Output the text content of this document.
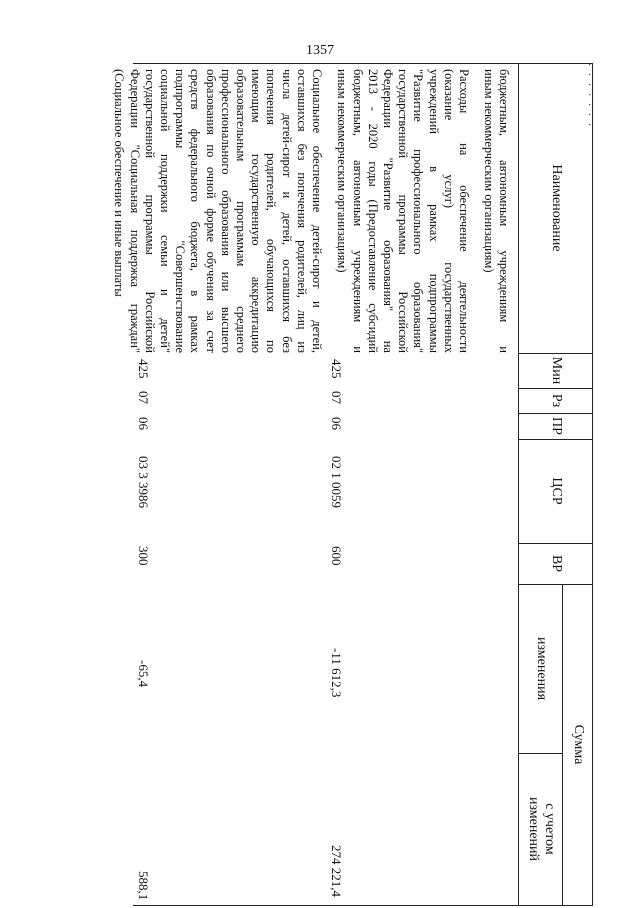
1357
Наименование
Мин
Рз
ПР
ЦСР
ВР
Сумма
изменения
с учетом изменений
. . . . . . .
бюджетным, автономным учреждениям и
иным некоммерческим организациям)
Расходы на обеспечение деятельности
(оказание услуг) государственных
учреждений в рамках подпрограммы
"Развитие профессионального образования"
государственной программы Российской
Федерации "Развитие образования" на
2013 - 2020 годы (Предоставление субсидий
бюджетным, автономным учреждениям и
иным некоммерческим организациям)
425
07
06
02 1 0059
600
-11 612,3
274 221,4
Социальное обеспечение детей-сирот и детей,
оставшихся без попечения родителей, лиц из
числа детей-сирот и детей, оставшихся без
попечения родителей, обучающихся по
имеющим государственную аккредитацию
образовательным программам среднего
профессионального образования или высшего
образования по очной форме обучения за счет
средств федерального бюджета, в рамках
подпрограммы "Совершенствование
социальной поддержки семьи и детей"
государственной программы Российской
Федерации "Социальная поддержка граждан"
(Социальное обеспечение и иные выплаты
425
07
06
03 3 3986
300
-65,4
588,1
